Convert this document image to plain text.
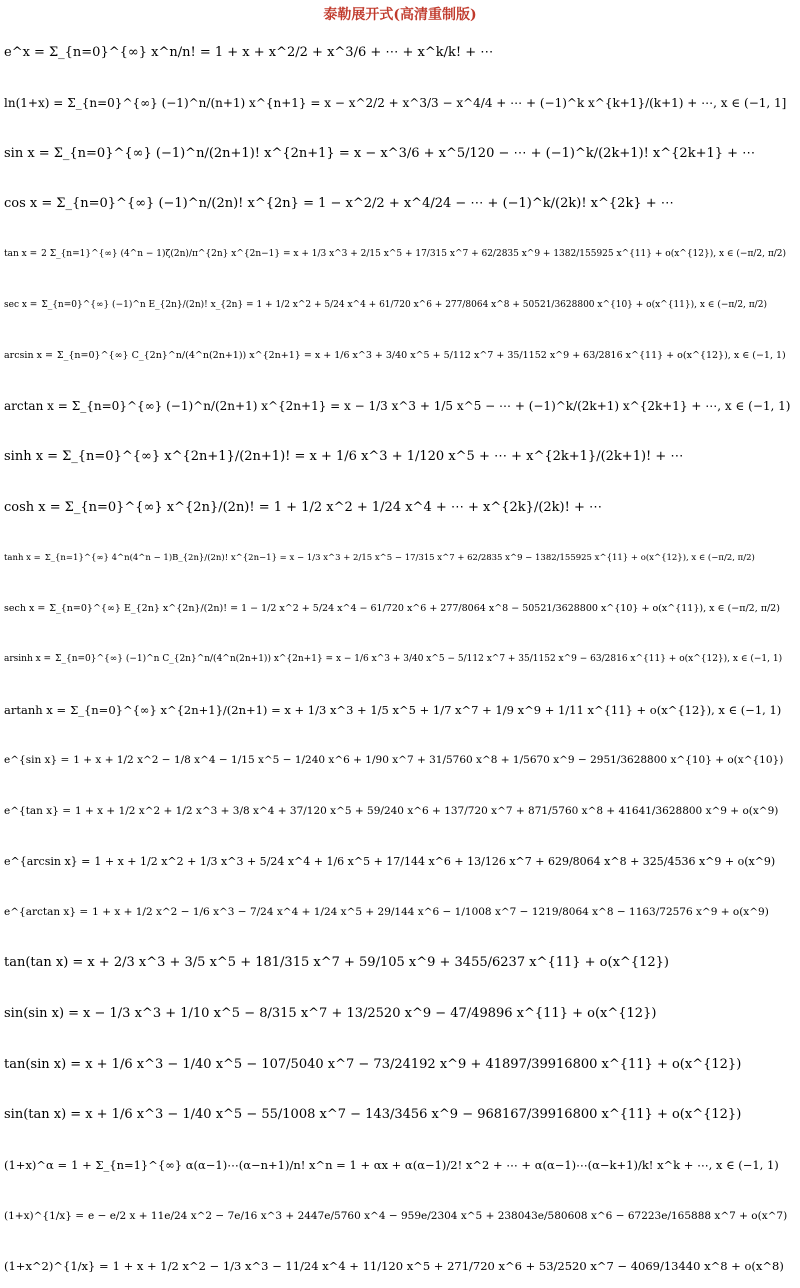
泰勒展开式(高清重制版)
e^x = Σ_{n=0}^{∞} x^n/n! = 1 + x + x^2/2 + x^3/6 + ⋯ + x^k/k! + ⋯
ln(1+x) = Σ_{n=0}^{∞} (−1)^n/(n+1) x^{n+1} = x − x^2/2 + x^3/3 − x^4/4 + ⋯ + (−1)^k x^{k+1}/(k+1) + ⋯, x ∈ (−1, 1]
sin x = Σ_{n=0}^{∞} (−1)^n/(2n+1)! x^{2n+1} = x − x^3/6 + x^5/120 − ⋯ + (−1)^k/(2k+1)! x^{2k+1} + ⋯
cos x = Σ_{n=0}^{∞} (−1)^n/(2n)! x^{2n} = 1 − x^2/2 + x^4/24 − ⋯ + (−1)^k/(2k)! x^{2k} + ⋯
tan x = 2 Σ_{n=1}^{∞} (4^n − 1)ζ(2n)/π^{2n} x^{2n−1} = x + 1/3 x^3 + 2/15 x^5 + 17/315 x^7 + 62/2835 x^9 + 1382/155925 x^{11} + o(x^{12}), x ∈ (−π/2, π/2)
sec x = Σ_{n=0}^{∞} (−1)^n E_{2n}/(2n)! x_{2n} = 1 + 1/2 x^2 + 5/24 x^4 + 61/720 x^6 + 277/8064 x^8 + 50521/3628800 x^{10} + o(x^{11}), x ∈ (−π/2, π/2)
arcsin x = Σ_{n=0}^{∞} C_{2n}^n/(4^n(2n+1)) x^{2n+1} = x + 1/6 x^3 + 3/40 x^5 + 5/112 x^7 + 35/1152 x^9 + 63/2816 x^{11} + o(x^{12}), x ∈ (−1, 1)
arctan x = Σ_{n=0}^{∞} (−1)^n/(2n+1) x^{2n+1} = x − 1/3 x^3 + 1/5 x^5 − ⋯ + (−1)^k/(2k+1) x^{2k+1} + ⋯, x ∈ (−1, 1)
sinh x = Σ_{n=0}^{∞} x^{2n+1}/(2n+1)! = x + 1/6 x^3 + 1/120 x^5 + ⋯ + x^{2k+1}/(2k+1)! + ⋯
cosh x = Σ_{n=0}^{∞} x^{2n}/(2n)! = 1 + 1/2 x^2 + 1/24 x^4 + ⋯ + x^{2k}/(2k)! + ⋯
tanh x = Σ_{n=1}^{∞} 4^n(4^n − 1)B_{2n}/(2n)! x^{2n−1} = x − 1/3 x^3 + 2/15 x^5 − 17/315 x^7 + 62/2835 x^9 − 1382/155925 x^{11} + o(x^{12}), x ∈ (−π/2, π/2)
sech x = Σ_{n=0}^{∞} E_{2n} x^{2n}/(2n)! = 1 − 1/2 x^2 + 5/24 x^4 − 61/720 x^6 + 277/8064 x^8 − 50521/3628800 x^{10} + o(x^{11}), x ∈ (−π/2, π/2)
arsinh x = Σ_{n=0}^{∞} (−1)^n C_{2n}^n/(4^n(2n+1)) x^{2n+1} = x − 1/6 x^3 + 3/40 x^5 − 5/112 x^7 + 35/1152 x^9 − 63/2816 x^{11} + o(x^{12}), x ∈ (−1, 1)
artanh x = Σ_{n=0}^{∞} x^{2n+1}/(2n+1) = x + 1/3 x^3 + 1/5 x^5 + 1/7 x^7 + 1/9 x^9 + 1/11 x^{11} + o(x^{12}), x ∈ (−1, 1)
e^{sin x} = 1 + x + 1/2 x^2 − 1/8 x^4 − 1/15 x^5 − 1/240 x^6 + 1/90 x^7 + 31/5760 x^8 + 1/5670 x^9 − 2951/3628800 x^{10} + o(x^{10})
e^{tan x} = 1 + x + 1/2 x^2 + 1/2 x^3 + 3/8 x^4 + 37/120 x^5 + 59/240 x^6 + 137/720 x^7 + 871/5760 x^8 + 41641/3628800 x^9 + o(x^9)
e^{arcsin x} = 1 + x + 1/2 x^2 + 1/3 x^3 + 5/24 x^4 + 1/6 x^5 + 17/144 x^6 + 13/126 x^7 + 629/8064 x^8 + 325/4536 x^9 + o(x^9)
e^{arctan x} = 1 + x + 1/2 x^2 − 1/6 x^3 − 7/24 x^4 + 1/24 x^5 + 29/144 x^6 − 1/1008 x^7 − 1219/8064 x^8 − 1163/72576 x^9 + o(x^9)
tan(tan x) = x + 2/3 x^3 + 3/5 x^5 + 181/315 x^7 + 59/105 x^9 + 3455/6237 x^{11} + o(x^{12})
sin(sin x) = x − 1/3 x^3 + 1/10 x^5 − 8/315 x^7 + 13/2520 x^9 − 47/49896 x^{11} + o(x^{12})
tan(sin x) = x + 1/6 x^3 − 1/40 x^5 − 107/5040 x^7 − 73/24192 x^9 + 41897/39916800 x^{11} + o(x^{12})
sin(tan x) = x + 1/6 x^3 − 1/40 x^5 − 55/1008 x^7 − 143/3456 x^9 − 968167/39916800 x^{11} + o(x^{12})
(1+x)^α = 1 + Σ_{n=1}^{∞} α(α−1)⋯(α−n+1)/n! x^n = 1 + αx + α(α−1)/2! x^2 + ⋯ + α(α−1)⋯(α−k+1)/k! x^k + ⋯, x ∈ (−1, 1)
(1+x)^{1/x} = e − e/2 x + 11e/24 x^2 − 7e/16 x^3 + 2447e/5760 x^4 − 959e/2304 x^5 + 238043e/580608 x^6 − 67223e/165888 x^7 + o(x^7)
(1+x^2)^{1/x} = 1 + x + 1/2 x^2 − 1/3 x^3 − 11/24 x^4 + 11/120 x^5 + 271/720 x^6 + 53/2520 x^7 − 4069/13440 x^8 + o(x^8)
